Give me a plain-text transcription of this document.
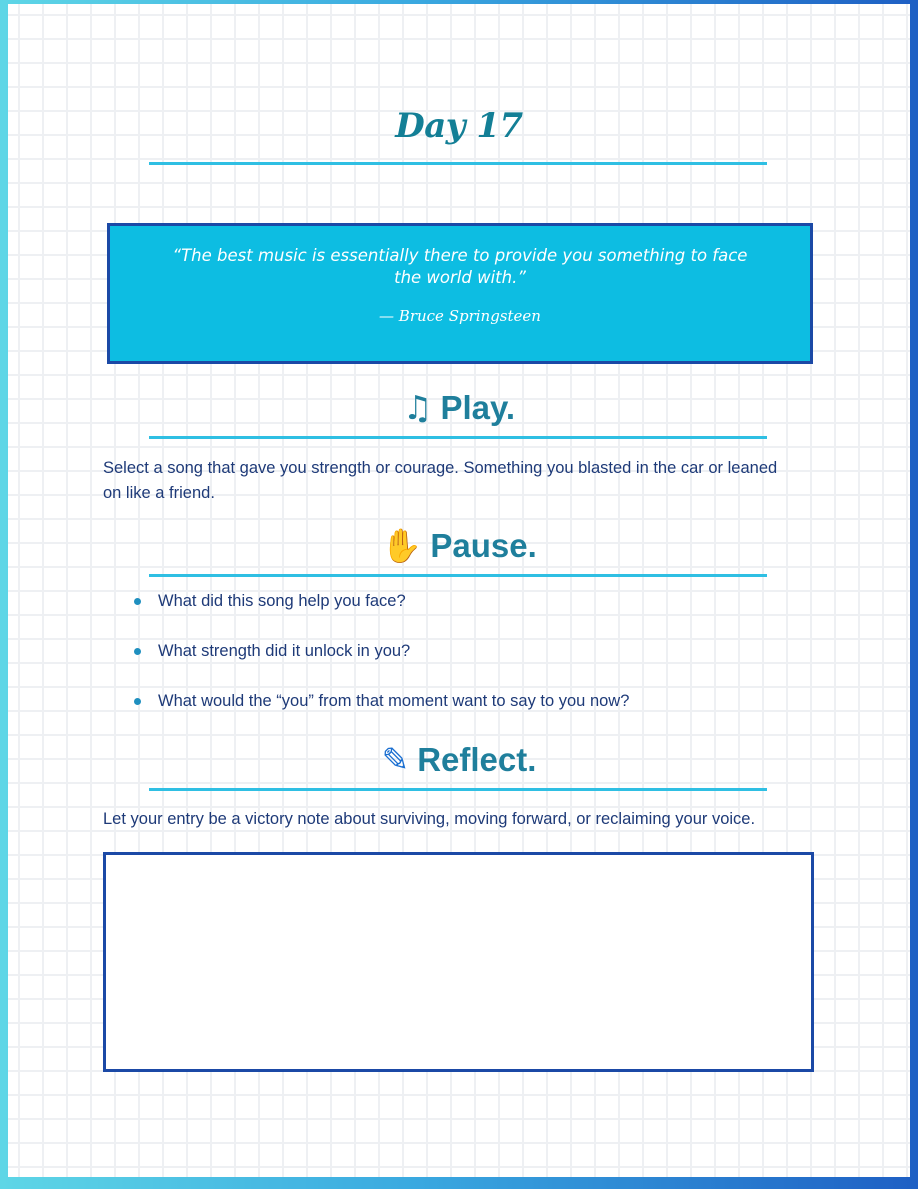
Day 17
“The best music is essentially there to provide you something to face the world with.”
— Bruce Springsteen
♫ Play.
Select a song that gave you strength or courage. Something you blasted in the car or leaned on like a friend.
✋ Pause.
What did this song help you face?
What strength did it unlock in you?
What would the “you” from that moment want to say to you now?
✎ Reflect.
Let your entry be a victory note about surviving, moving forward, or reclaiming your voice.
